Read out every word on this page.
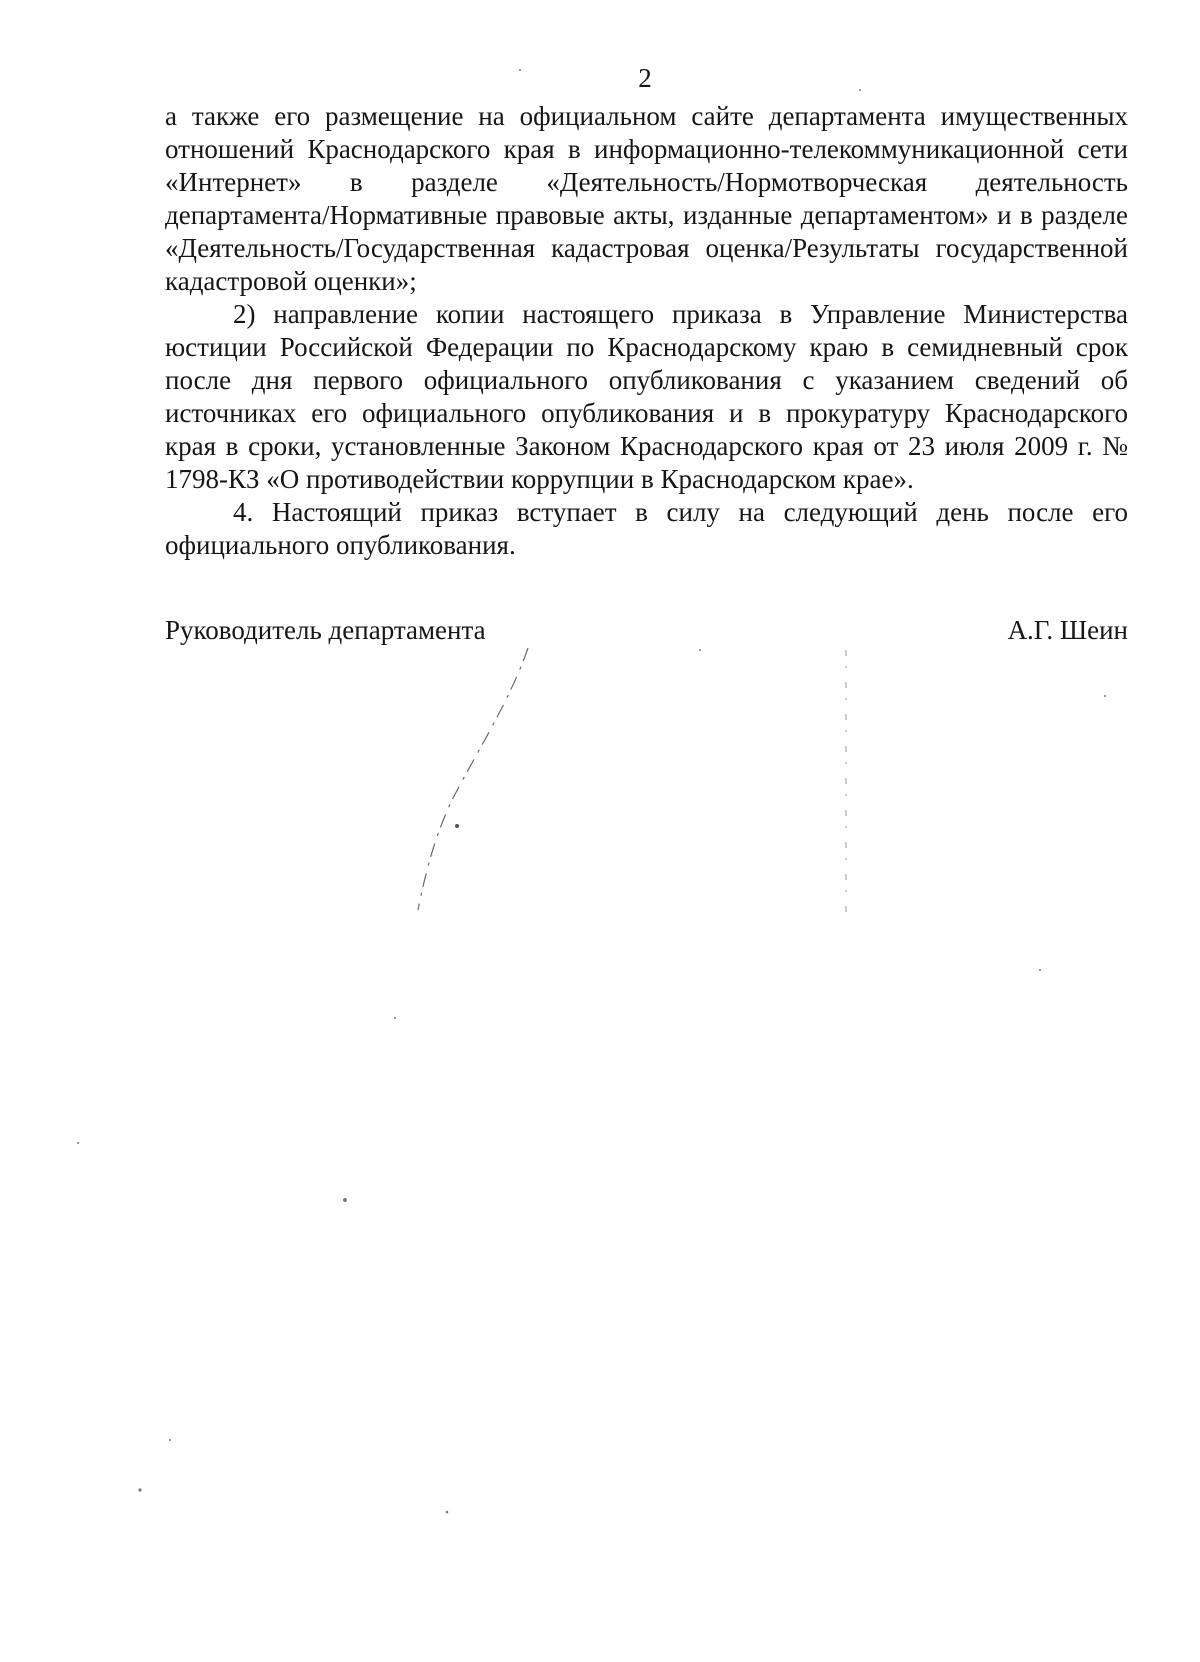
2

а также его размещение на официальном сайте департамента имущественных отношений Краснодарского края в информационно-телекоммуникационной сети «Интернет» в разделе «Деятельность/Нормотворческая деятельность департамента/Нормативные правовые акты, изданные департаментом» и в разделе «Деятельность/Государственная кадастровая оценка/Результаты государственной кадастровой оценки»;

2) направление копии настоящего приказа в Управление Министерства юстиции Российской Федерации по Краснодарскому краю в семидневный срок после дня первого официального опубликования с указанием сведений об источниках его официального опубликования и в прокуратуру Краснодарского края в сроки, установленные Законом Краснодарского края от 23 июля 2009 г. № 1798-КЗ «О противодействии коррупции в Краснодарском крае».

4. Настоящий приказ вступает в силу на следующий день после его официального опубликования.

Руководитель департамента	А.Г. Шеин
